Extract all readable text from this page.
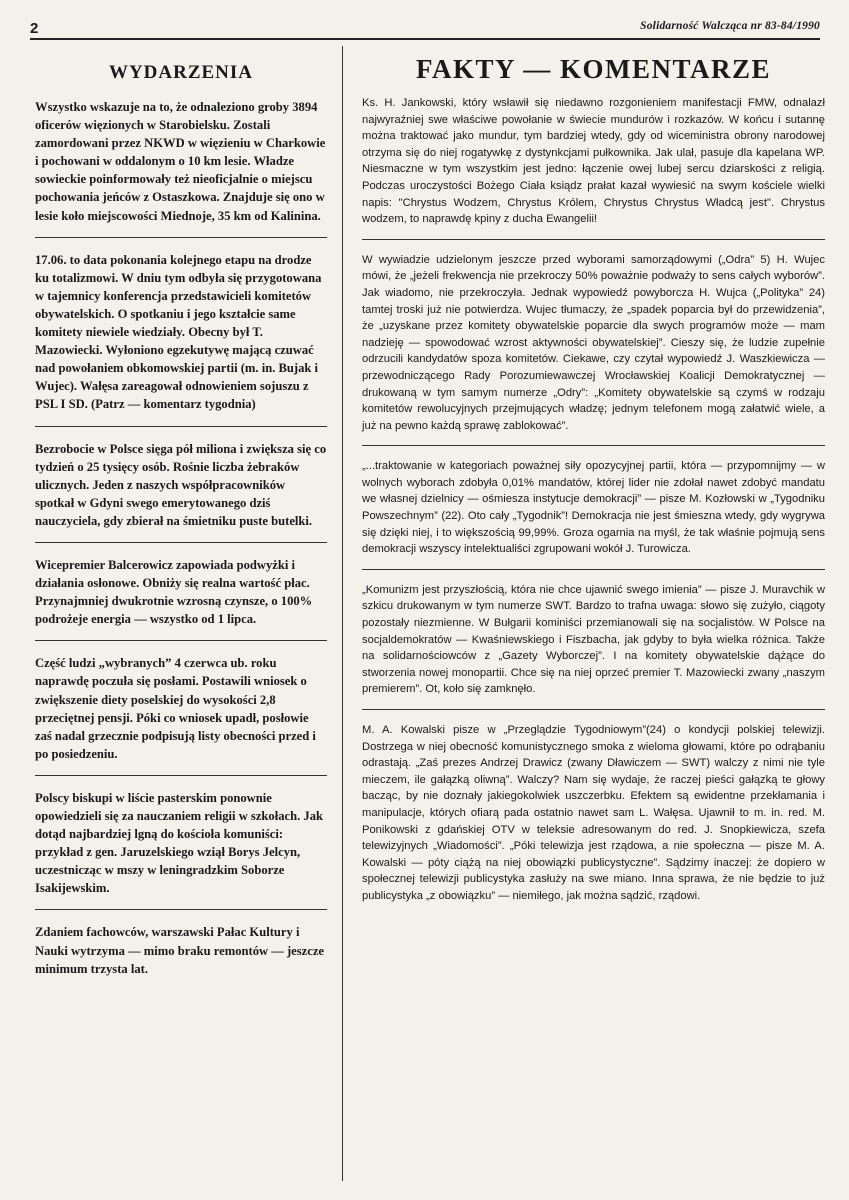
2	Solidarność Walcząca nr 83-84/1990
WYDARZENIA

Wszystko wskazuje na to, że odnaleziono groby 3894 oficerów więzionych w Starobielsku. Zostali zamordowani przez NKWD w więzieniu w Charkowie i pochowani w oddalonym o 10 km lesie. Władze sowieckie poinformowały też nieoficjalnie o miejscu pochowania jeńców z Ostaszkowa. Znajduje się ono w lesie koło miejscowości Miednoje, 35 km od Kalinina.

17.06. to data pokonania kolejnego etapu na drodze ku totalizmowi. W dniu tym odbyła się przygotowana w tajemnicy konferencja przedstawicieli komitetów obywatelskich. O spotkaniu i jego kształcie same komitety niewiele wiedziały. Obecny był T. Mazowiecki. Wyłoniono egzekutywę mającą czuwać nad powołaniem obkomowskiej partii (m. in. Bujak i Wujec). Wałęsa zareagował odnowieniem sojuszu z PSL I SD. (Patrz — komentarz tygodnia)

Bezrobocie w Polsce sięga pół miliona i zwiększa się co tydzień o 25 tysięcy osób. Rośnie liczba żebraków ulicznych. Jeden z naszych współpracowników spotkał w Gdyni swego emerytowanego dziś nauczyciela, gdy zbierał na śmietniku puste butelki.

Wicepremier Balcerowicz zapowiada podwyżki i działania osłonowe. Obniży się realna wartość płac. Przynajmniej dwukrotnie wzrosną czynsze, o 100% podrożeje energia — wszystko od 1 lipca.

Część ludzi „wybranych” 4 czerwca ub. roku naprawdę poczuła się posłami. Postawili wniosek o zwiększenie diety poselskiej do wysokości 2,8 przeciętnej pensji. Póki co wniosek upadł, posłowie zaś nadal grzecznie podpisują listy obecności przed i po posiedzeniu.

Polscy biskupi w liście pasterskim ponownie opowiedzieli się za nauczaniem religii w szkołach. Jak dotąd najbardziej lgną do kościoła komuniści: przykład z gen. Jaruzelskiego wziął Borys Jelcyn, uczestnicząc w mszy w leningradzkim Soborze Isakijewskim.

Zdaniem fachowców, warszawski Pałac Kultury i Nauki wytrzyma — mimo braku remontów — jeszcze minimum trzysta lat.

FAKTY — KOMENTARZE

Ks. H. Jankowski, który wsławił się niedawno rozgonieniem manifestacji FMW, odnalazł najwyraźniej swe właściwe powołanie w świecie mundurów i rozkazów. W końcu i sutannę można traktować jako mundur, tym bardziej wtedy, gdy od wiceministra obrony narodowej otrzyma się do niej rogatywkę z dystynkcjami pułkownika. Jak ulał, pasuje dla kapelana WP. Niesmaczne w tym wszystkim jest jedno: łączenie owej lubej sercu dziarskości z religią. Podczas uroczystości Bożego Ciała ksiądz prałat kazał wywiesić na swym kościele wielki napis: "Chrystus Wodzem, Chrystus Królem, Chrystus Chrystus Władcą jest". Chrystus wodzem, to naprawdę kpiny z ducha Ewangelii!

W wywiadzie udzielonym jeszcze przed wyborami samorządowymi („Odra” 5) H. Wujec mówi, że „jeżeli frekwencja nie przekroczy 50% poważnie podważy to sens całych wyborów”. Jak wiadomo, nie przekroczyła. Jednak wypowiedź powyborcza H. Wujca („Polityka” 24) tamtej troski już nie potwierdza. Wujec tłumaczy, że „spadek poparcia był do przewidzenia”, że „uzyskane przez komitety obywatelskie poparcie dla swych programów może — mam nadzieję — spowodować wzrost aktywności obywatelskiej”. Cieszy się, że ludzie zupełnie odrzucili kandydatów spoza komitetów. Ciekawe, czy czytał wypowiedź J. Waszkiewicza — przewodniczącego Rady Porozumiewawczej Wrocławskiej Koalicji Demokratycznej — drukowaną w tym samym numerze „Odry”: „Komitety obywatelskie są czymś w rodzaju komitetów rewolucyjnych przejmujących władzę; jednym telefonem mogą załatwić wiele, a już na pewno każdą sprawę zablokować”.

„...traktowanie w kategoriach poważnej siły opozycyjnej partii, która — przypomnijmy — w wolnych wyborach zdobyła 0,01% mandatów, której lider nie zdołał nawet zdobyć mandatu we własnej dzielnicy — ośmiesza instytucje demokracji” — pisze M. Kozłowski w „Tygodniku Powszechnym” (22). Oto cały „Tygodnik”! Demokracja nie jest śmieszna wtedy, gdy wygrywa się dzięki niej, i to większością 99,99%. Groza ogarnia na myśl, że tak właśnie pojmują sens demokracji wszyscy intelektualiści zgrupowani wokół J. Turowicza.

„Komunizm jest przyszłością, która nie chce ujawnić swego imienia” — pisze J. Muravchik w szkicu drukowanym w tym numerze SWT. Bardzo to trafna uwaga: słowo się zużyło, ciągoty pozostały niezmienne. W Bułgarii kominiści przemianowali się na socjalistów. W Polsce na socjaldemokratów — Kwaśniewskiego i Fiszbacha, jak gdyby to była wielka różnica. Także na solidarnościowców z „Gazety Wyborczej”. I na komitety obywatelskie dążące do stworzenia nowej monopartii. Chce się na niej oprzeć premier T. Mazowiecki zwany „naszym premierem”. Ot, koło się zamknęło.

M. A. Kowalski pisze w „Przeglądzie Tygodniowym”(24) o kondycji polskiej telewizji. Dostrzega w niej obecność komunistycznego smoka z wieloma głowami, które po odrąbaniu odrastają. „Zaś prezes Andrzej Drawicz (zwany Dławiczem — SWT) walczy z nimi nie tyle mieczem, ile gałązką oliwną”. Walczy? Nam się wydaje, że raczej pieści gałązką te głowy bacząc, by nie doznały jakiegokolwiek uszczerbku. Efektem są ewidentne przekłamania i manipulacje, których ofiarą pada ostatnio nawet sam L. Wałęsa. Ujawnił to m. in. red. M. Ponikowski z gdańskiej OTV w teleksie adresowanym do red. J. Snopkiewicza, szefa telewizyjnych „Wiadomości”. „Póki telewizja jest rządowa, a nie społeczna — pisze M. A. Kowalski — póty ciążą na niej obowiązki publicystyczne”. Sądzimy inaczej: że dopiero w społecznej telewizji publicystyka zasłuży na swe miano. Inna sprawa, że nie będzie to już publicystyka „z obowiązku” — niemiłego, jak można sądzić, rządowi.
